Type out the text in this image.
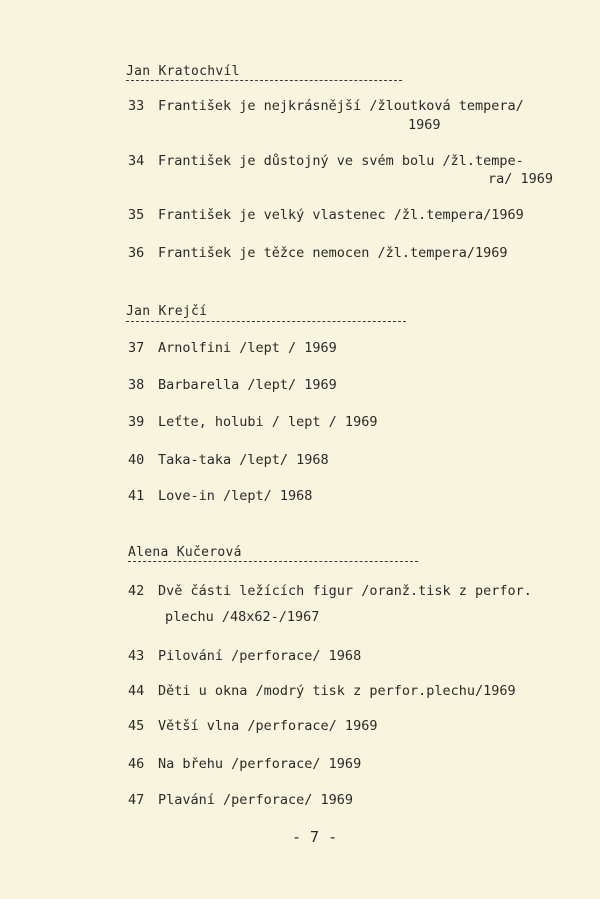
Jan Kratochvíl
33 František je nejkrásnější /žloutková tempera/
1969
34 František je důstojný ve svém bolu /žl.tempe-
ra/ 1969
35 František je velký vlastenec /žl.tempera/1969
36 František je těžce nemocen /žl.tempera/1969
Jan Krejčí
37 Arnolfini /lept / 1969
38 Barbarella /lept/ 1969
39 Leťte, holubi / lept / 1969
40 Taka-taka /lept/ 1968
41 Love-in /lept/ 1968
Alena Kučerová
42 Dvě části ležících figur /oranž.tisk z perfor.
plechu /48x62-/1967
43 Pilování /perforace/ 1968
44 Děti u okna /modrý tisk z perfor.plechu/1969
45 Větší vlna /perforace/ 1969
46 Na břehu /perforace/ 1969
47 Plavání /perforace/ 1969
- 7 -
